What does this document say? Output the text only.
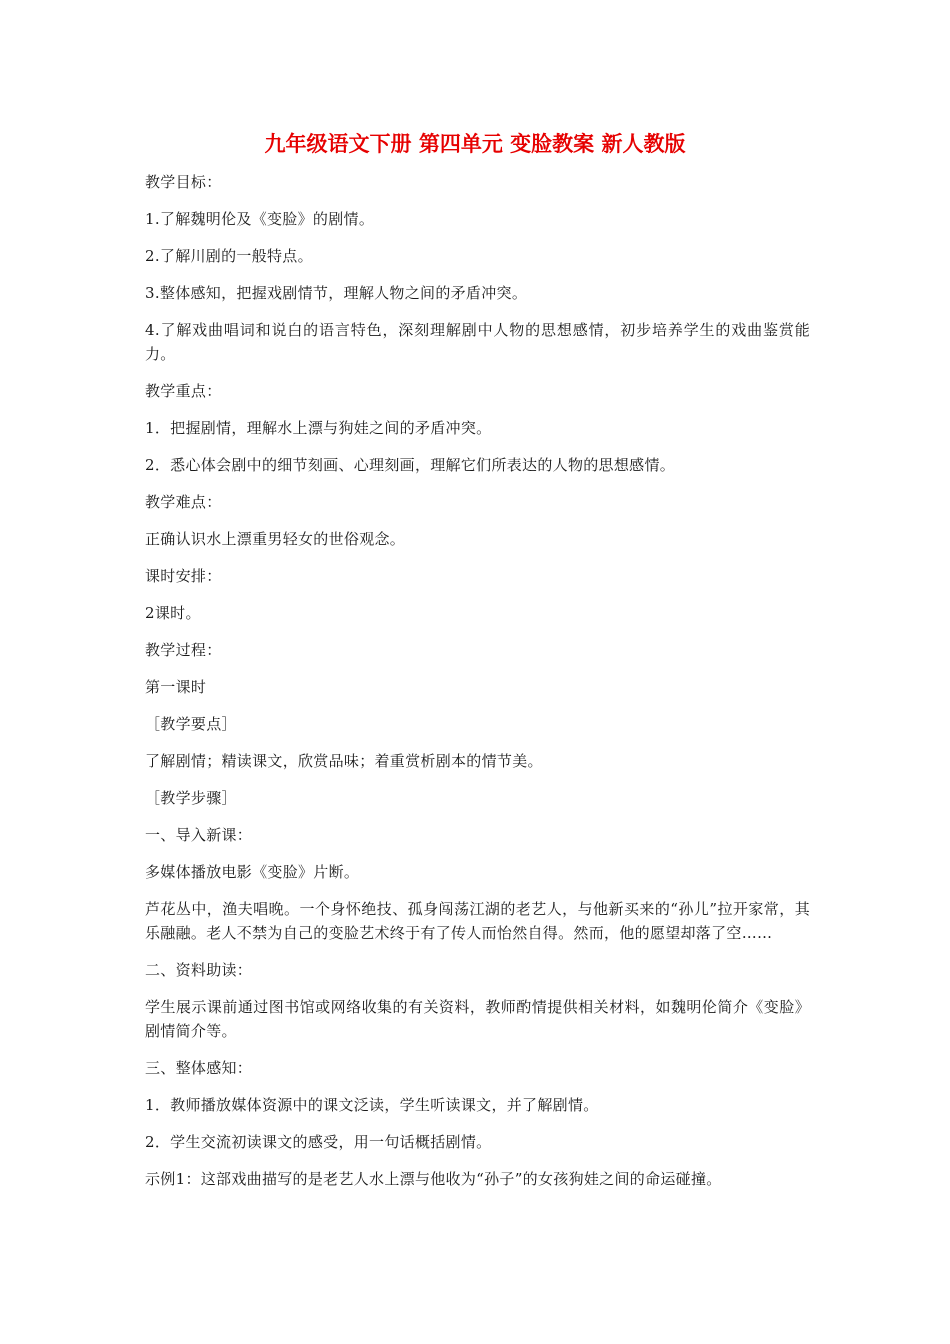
九年级语文下册 第四单元 变脸教案 新人教版

教学目标：

1.了解魏明伦及《变脸》的剧情。

2.了解川剧的一般特点。

3.整体感知，把握戏剧情节，理解人物之间的矛盾冲突。

4.了解戏曲唱词和说白的语言特色，深刻理解剧中人物的思想感情，初步培养学生的戏曲鉴赏能力。

教学重点：

1．把握剧情，理解水上漂与狗娃之间的矛盾冲突。

2．悉心体会剧中的细节刻画、心理刻画，理解它们所表达的人物的思想感情。

教学难点：

正确认识水上漂重男轻女的世俗观念。

课时安排：

2课时。

教学过程：

第一课时

［教学要点］

了解剧情；精读课文，欣赏品味；着重赏析剧本的情节美。

［教学步骤］

一、导入新课：

多媒体播放电影《变脸》片断。

芦花丛中，渔夫唱晚。一个身怀绝技、孤身闯荡江湖的老艺人，与他新买来的“孙儿”拉开家常，其乐融融。老人不禁为自己的变脸艺术终于有了传人而怡然自得。然而，他的愿望却落了空……

二、资料助读：

学生展示课前通过图书馆或网络收集的有关资料，教师酌情提供相关材料，如魏明伦简介《变脸》剧情简介等。

三、整体感知：

1．教师播放媒体资源中的课文泛读，学生听读课文，并了解剧情。

2．学生交流初读课文的感受，用一句话概括剧情。

示例1：这部戏曲描写的是老艺人水上漂与他收为“孙子”的女孩狗娃之间的命运碰撞。
